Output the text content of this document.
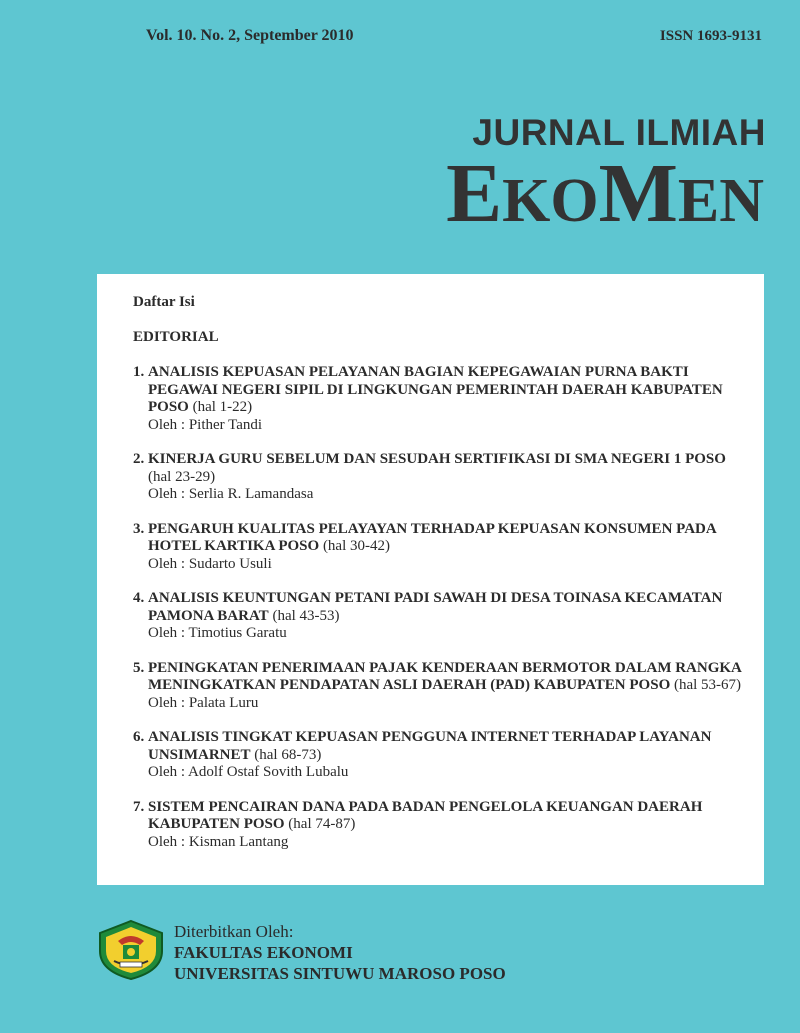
Vol. 10. No. 2, September 2010	ISSN 1693-9131
JURNAL ILMIAH
EKOMEN
Daftar Isi
EDITORIAL
1. ANALISIS KEPUASAN PELAYANAN BAGIAN KEPEGAWAIAN PURNA BAKTI PEGAWAI NEGERI SIPIL DI LINGKUNGAN PEMERINTAH DAERAH KABUPATEN POSO (hal 1-22)
Oleh : Pither Tandi
2. KINERJA GURU SEBELUM DAN SESUDAH SERTIFIKASI DI SMA NEGERI 1 POSO (hal 23-29)
Oleh : Serlia R. Lamandasa
3. PENGARUH KUALITAS PELAYAYAN TERHADAP KEPUASAN KONSUMEN PADA HOTEL KARTIKA POSO (hal 30-42)
Oleh : Sudarto Usuli
4. ANALISIS KEUNTUNGAN PETANI PADI SAWAH DI DESA TOINASA KECAMATAN PAMONA BARAT (hal 43-53)
Oleh : Timotius Garatu
5. PENINGKATAN PENERIMAAN PAJAK KENDERAAN BERMOTOR DALAM RANGKA MENINGKATKAN PENDAPATAN ASLI DAERAH (PAD) KABUPATEN POSO (hal 53-67)
Oleh : Palata Luru
6. ANALISIS TINGKAT KEPUASAN PENGGUNA INTERNET TERHADAP LAYANAN UNSIMARNET (hal 68-73)
Oleh : Adolf Ostaf Sovith Lubalu
7. SISTEM PENCAIRAN DANA PADA BADAN PENGELOLA KEUANGAN DAERAH KABUPATEN POSO (hal 74-87)
Oleh : Kisman Lantang
Diterbitkan Oleh:
FAKULTAS EKONOMI
UNIVERSITAS SINTUWU MAROSO POSO
